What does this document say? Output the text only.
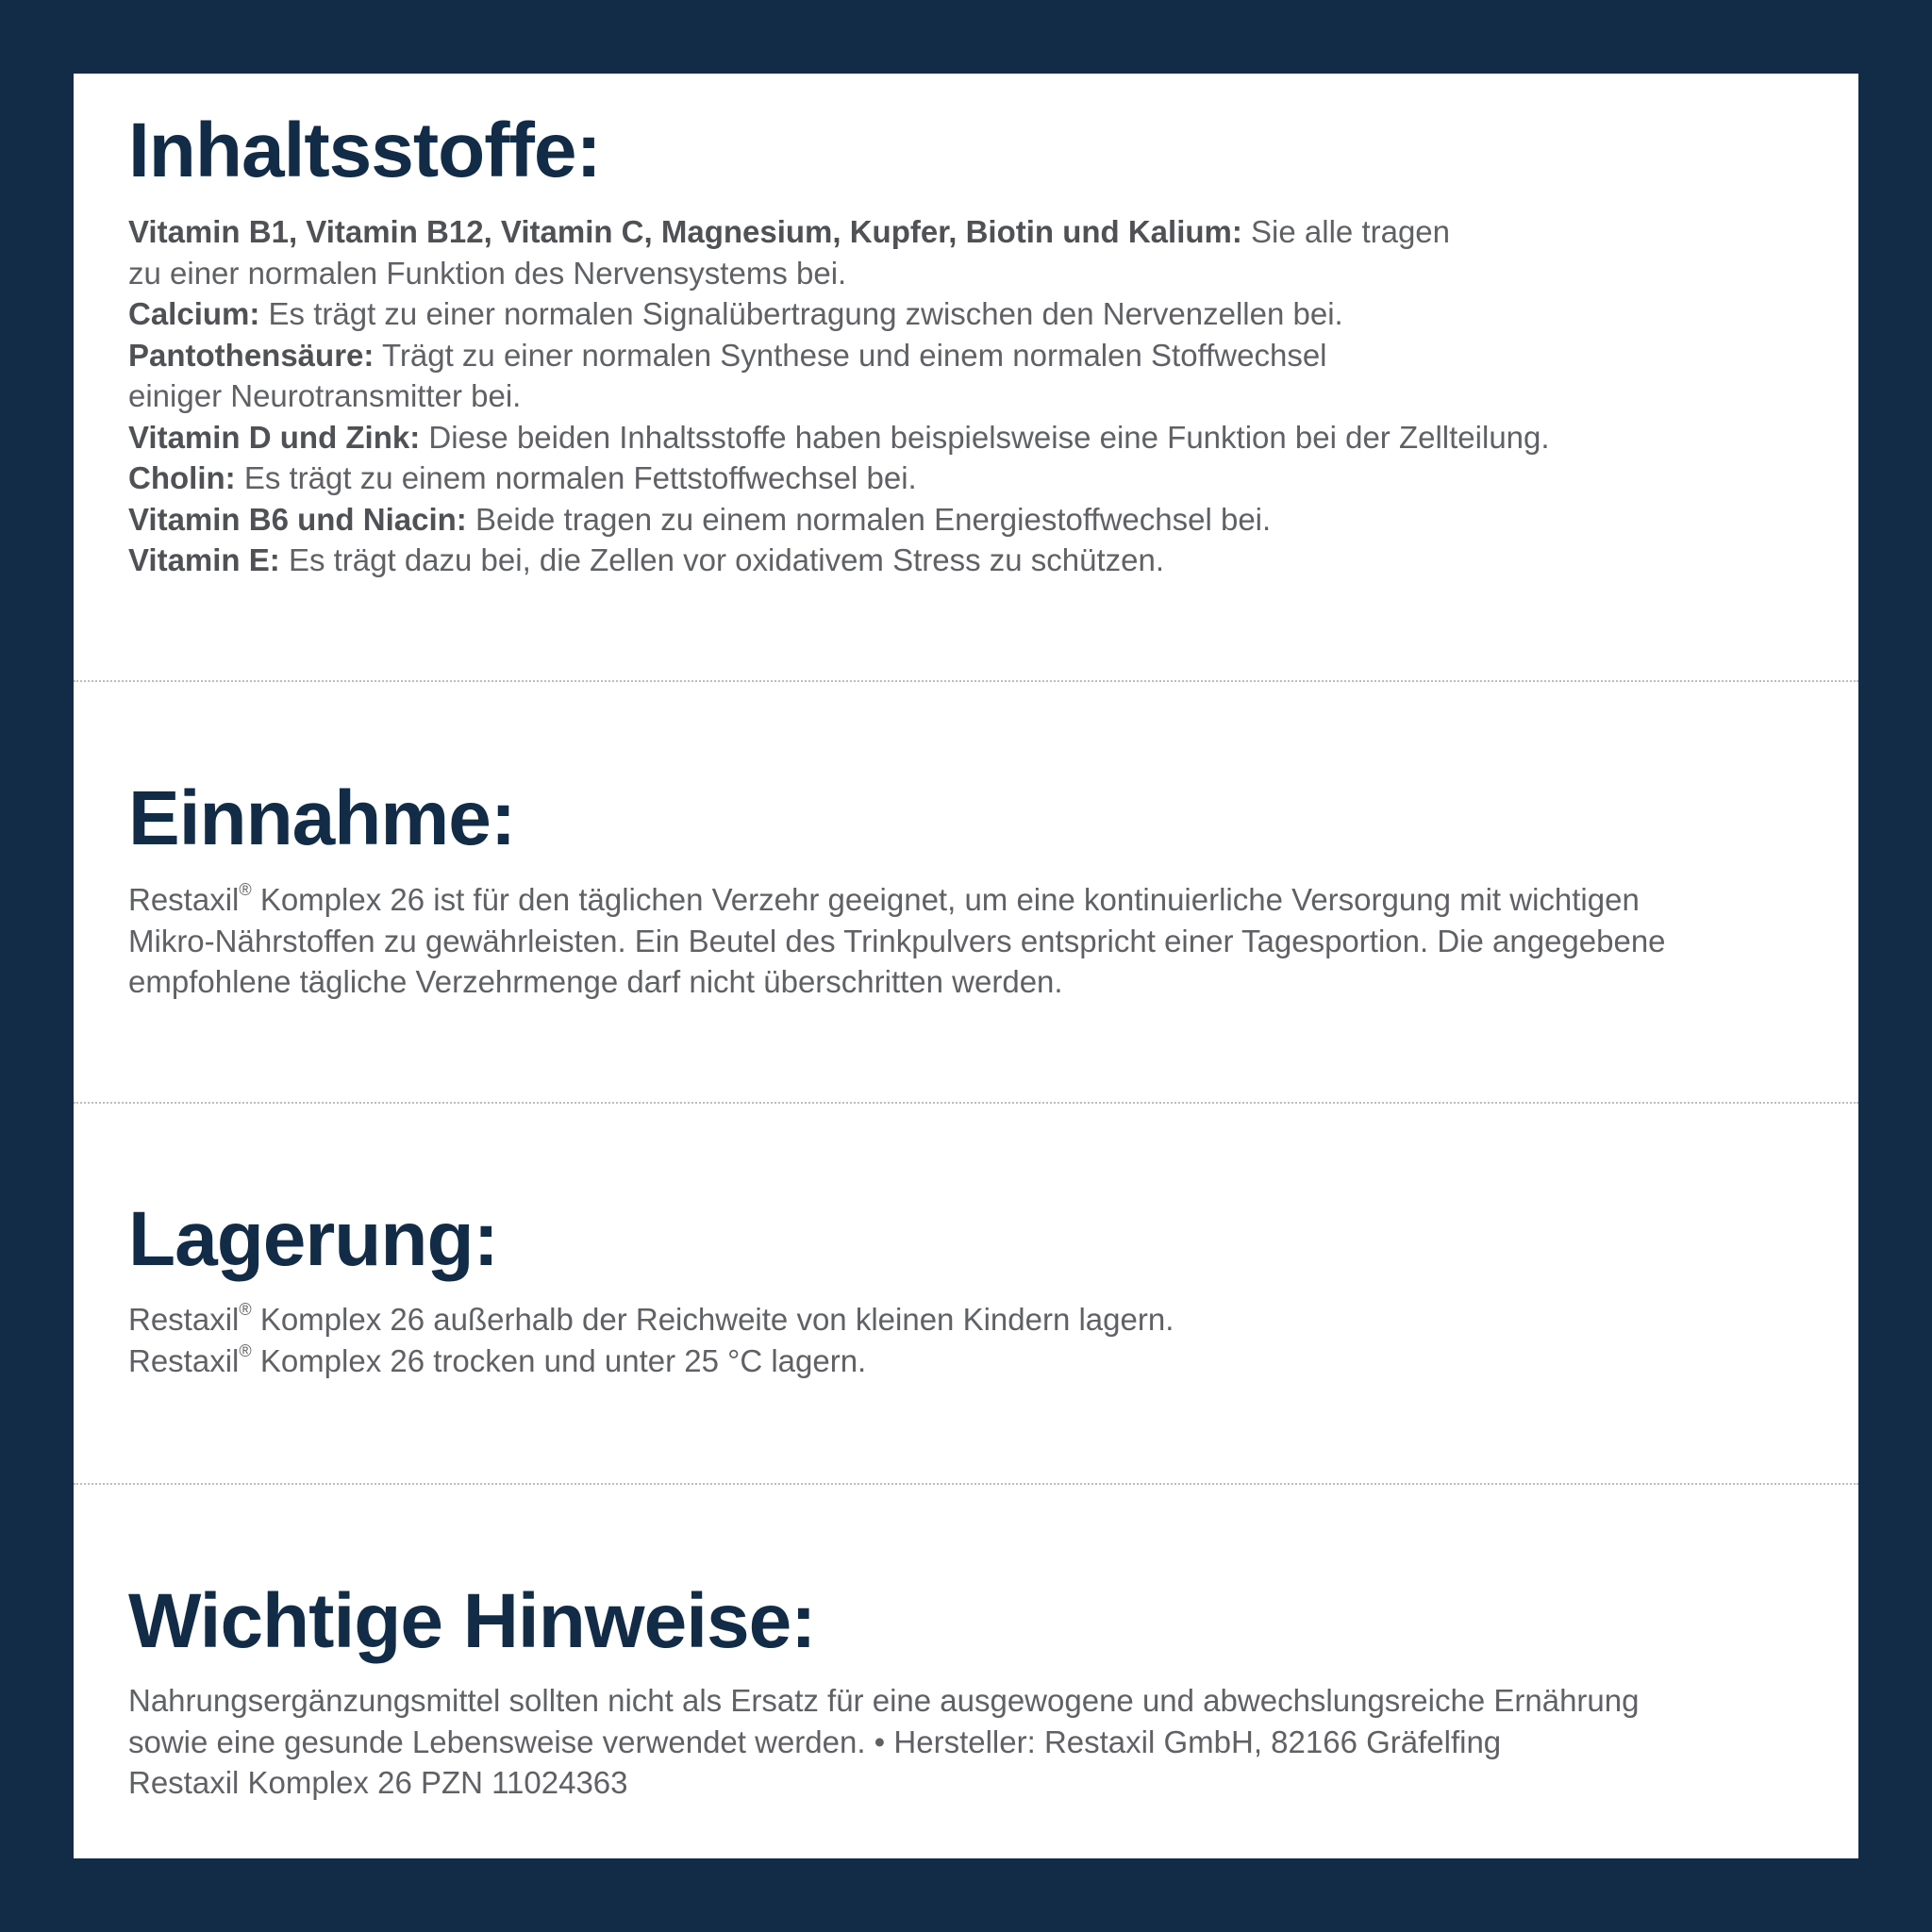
Inhaltsstoffe:
Vitamin B1, Vitamin B12, Vitamin C, Magnesium, Kupfer, Biotin und Kalium: Sie alle tragen
zu einer normalen Funktion des Nervensystems bei.
Calcium: Es trägt zu einer normalen Signalübertragung zwischen den Nervenzellen bei.
Pantothensäure: Trägt zu einer normalen Synthese und einem normalen Stoffwechsel
einiger Neurotransmitter bei.
Vitamin D und Zink: Diese beiden Inhaltsstoffe haben beispielsweise eine Funktion bei der Zellteilung.
Cholin: Es trägt zu einem normalen Fettstoffwechsel bei.
Vitamin B6 und Niacin: Beide tragen zu einem normalen Energiestoffwechsel bei.
Vitamin E: Es trägt dazu bei, die Zellen vor oxidativem Stress zu schützen.
Einnahme:
Restaxil® Komplex 26 ist für den täglichen Verzehr geeignet, um eine kontinuierliche Versorgung mit wichtigen
Mikro-Nährstoffen zu gewährleisten. Ein Beutel des Trinkpulvers entspricht einer Tagesportion. Die angegebene
empfohlene tägliche Verzehrmenge darf nicht überschritten werden.
Lagerung:
Restaxil® Komplex 26 außerhalb der Reichweite von kleinen Kindern lagern.
Restaxil® Komplex 26 trocken und unter 25 °C lagern.
Wichtige Hinweise:
Nahrungsergänzungsmittel sollten nicht als Ersatz für eine ausgewogene und abwechslungsreiche Ernährung
sowie eine gesunde Lebensweise verwendet werden. • Hersteller: Restaxil GmbH, 82166 Gräfelfing
Restaxil Komplex 26 PZN 11024363
